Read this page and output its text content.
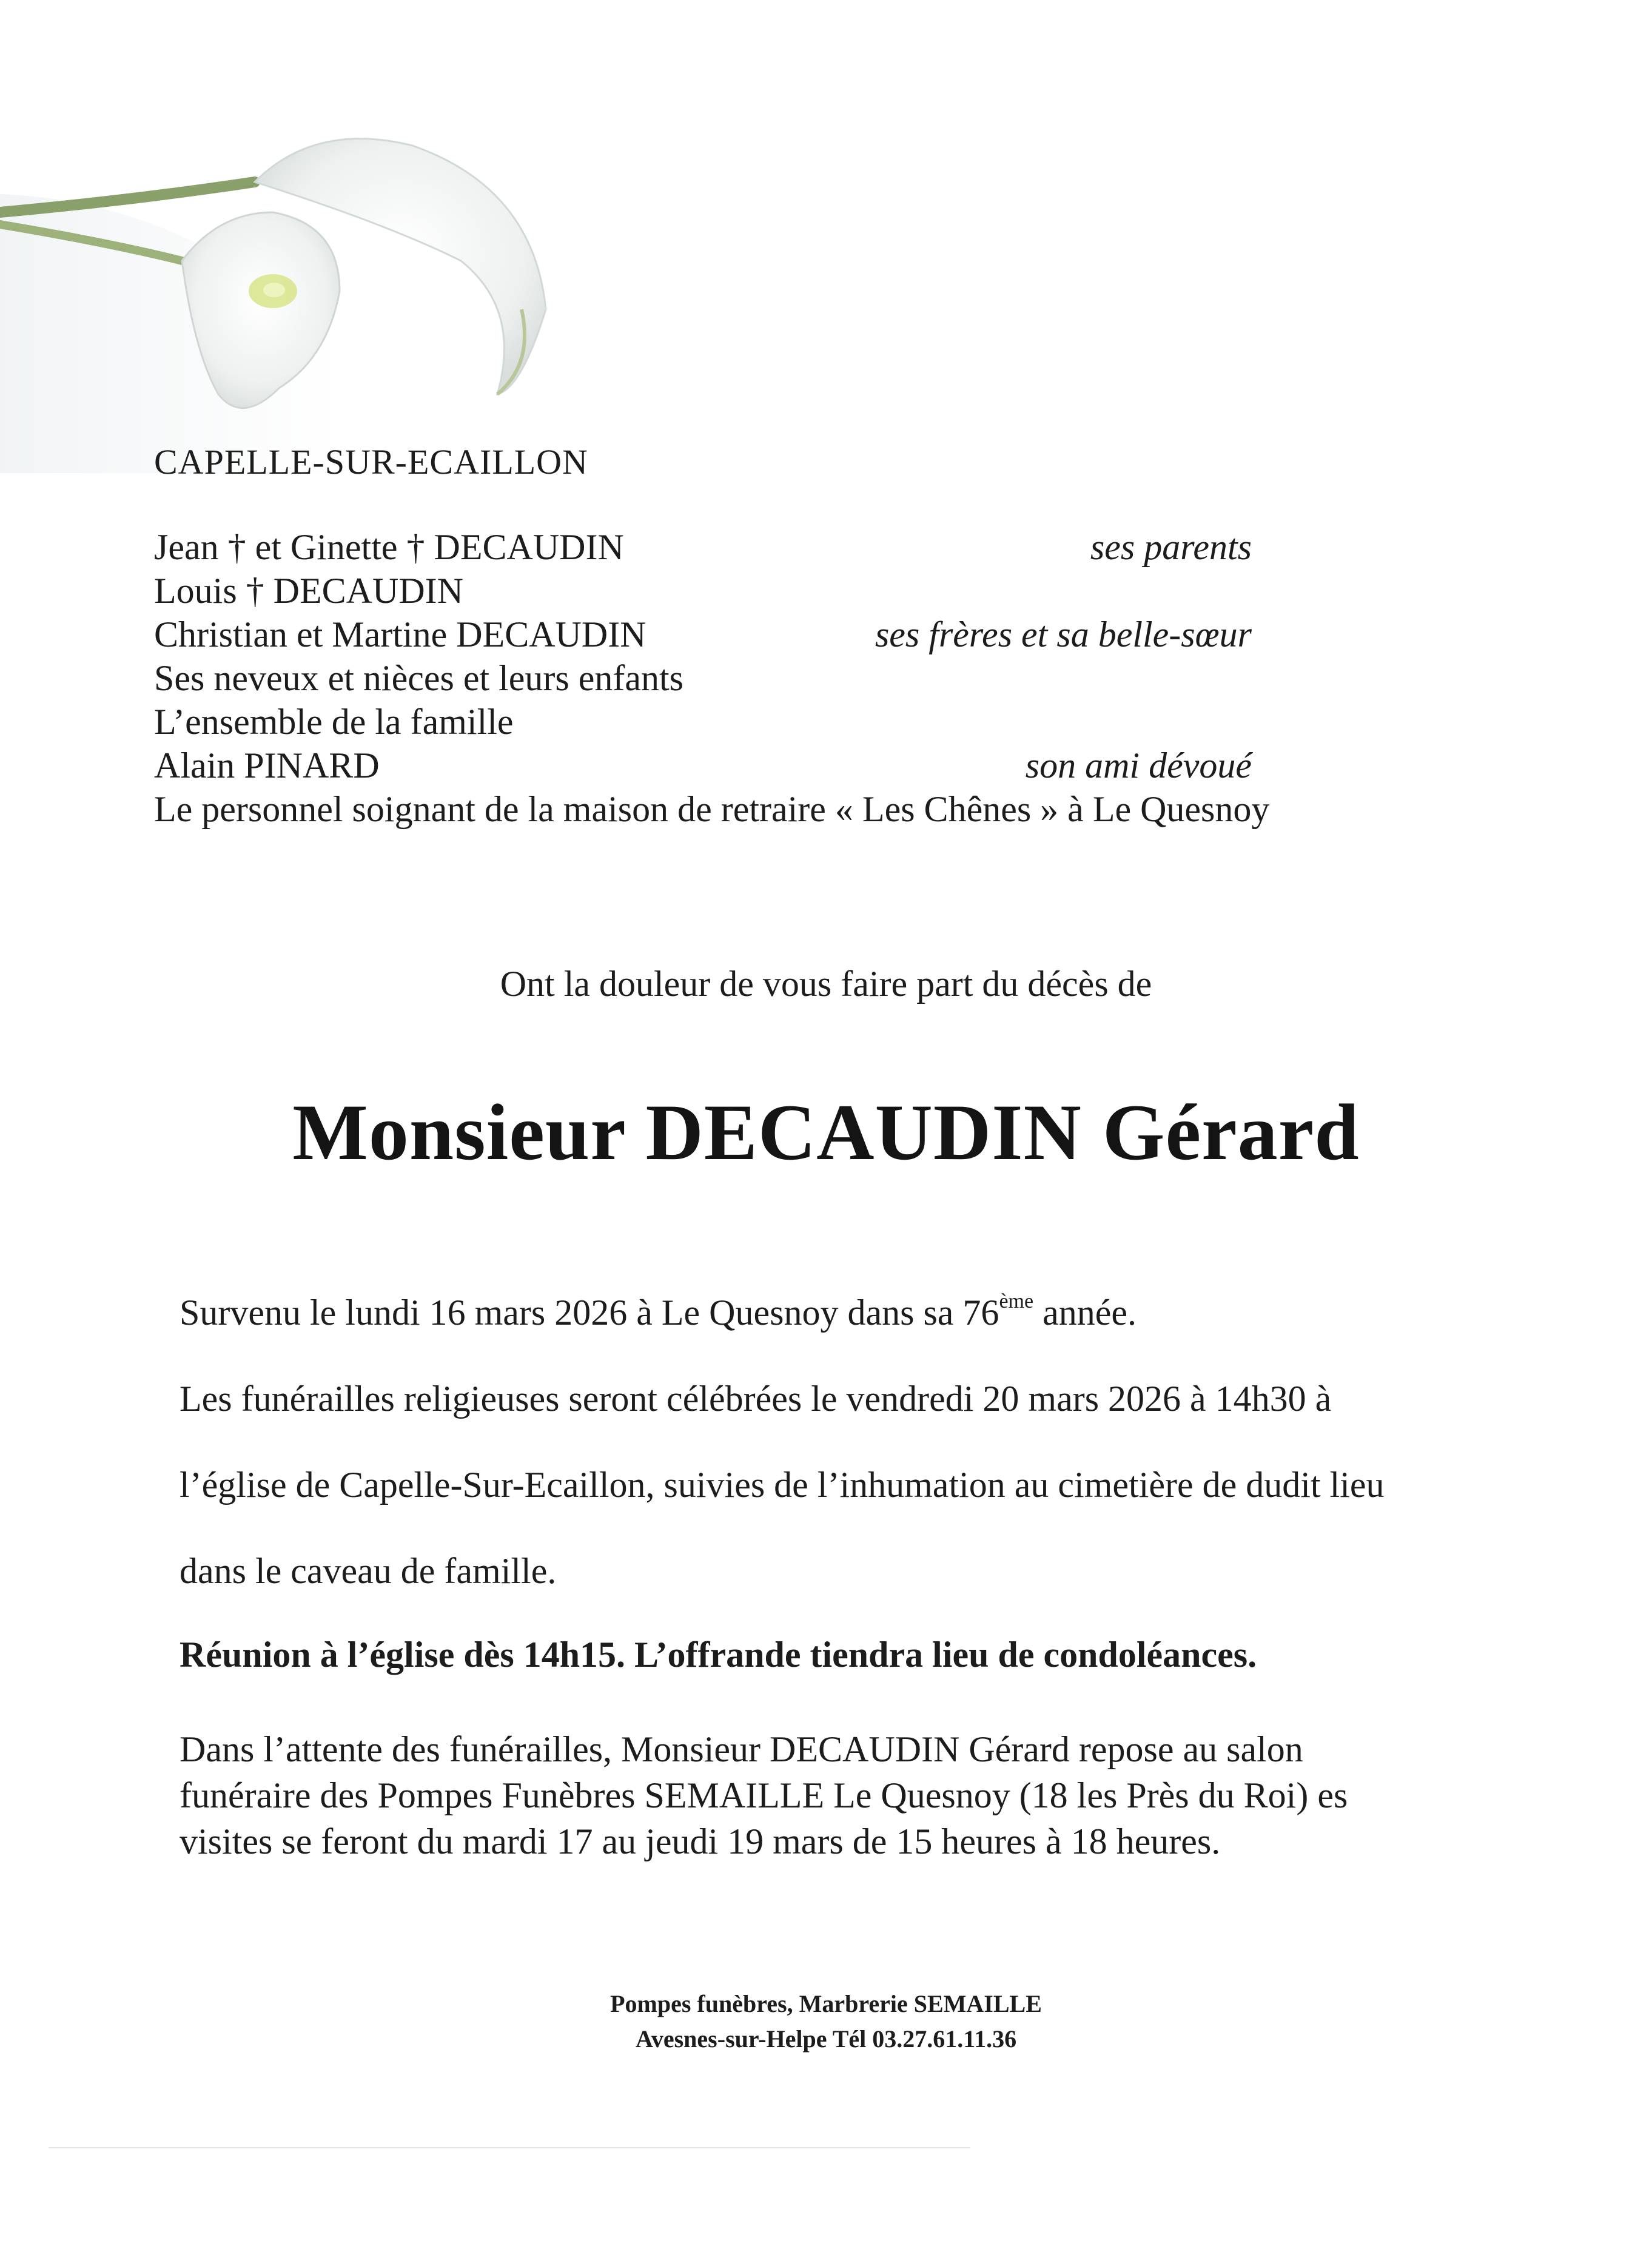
CAPELLE-SUR-ECAILLON

Jean † et Ginette † DECAUDIN	ses parents

Louis † DECAUDIN

Christian et Martine DECAUDIN	ses frères et sa belle-sœur

Ses neveux et nièces et leurs enfants

L’ensemble de la famille

Alain PINARD	son ami dévoué

Le personnel soignant de la maison de retraire « Les Chênes » à Le Quesnoy

Ont la douleur de vous faire part du décès de

Monsieur DECAUDIN Gérard

Survenu le lundi 16 mars 2026 à Le Quesnoy dans sa 76ème année.

Les funérailles religieuses seront célébrées le vendredi 20 mars 2026 à 14h30 à

l’église de Capelle-Sur-Ecaillon, suivies de l’inhumation au cimetière de dudit lieu

dans le caveau de famille.

Réunion à l’église dès 14h15. L’offrande tiendra lieu de condoléances.

Dans l’attente des funérailles, Monsieur DECAUDIN Gérard repose au salon

funéraire des Pompes Funèbres SEMAILLE Le Quesnoy (18 les Près du Roi) es

visites se feront du mardi 17 au jeudi 19 mars de 15 heures à 18 heures.

Pompes funèbres, Marbrerie SEMAILLE

Avesnes-sur-Helpe Tél 03.27.61.11.36
